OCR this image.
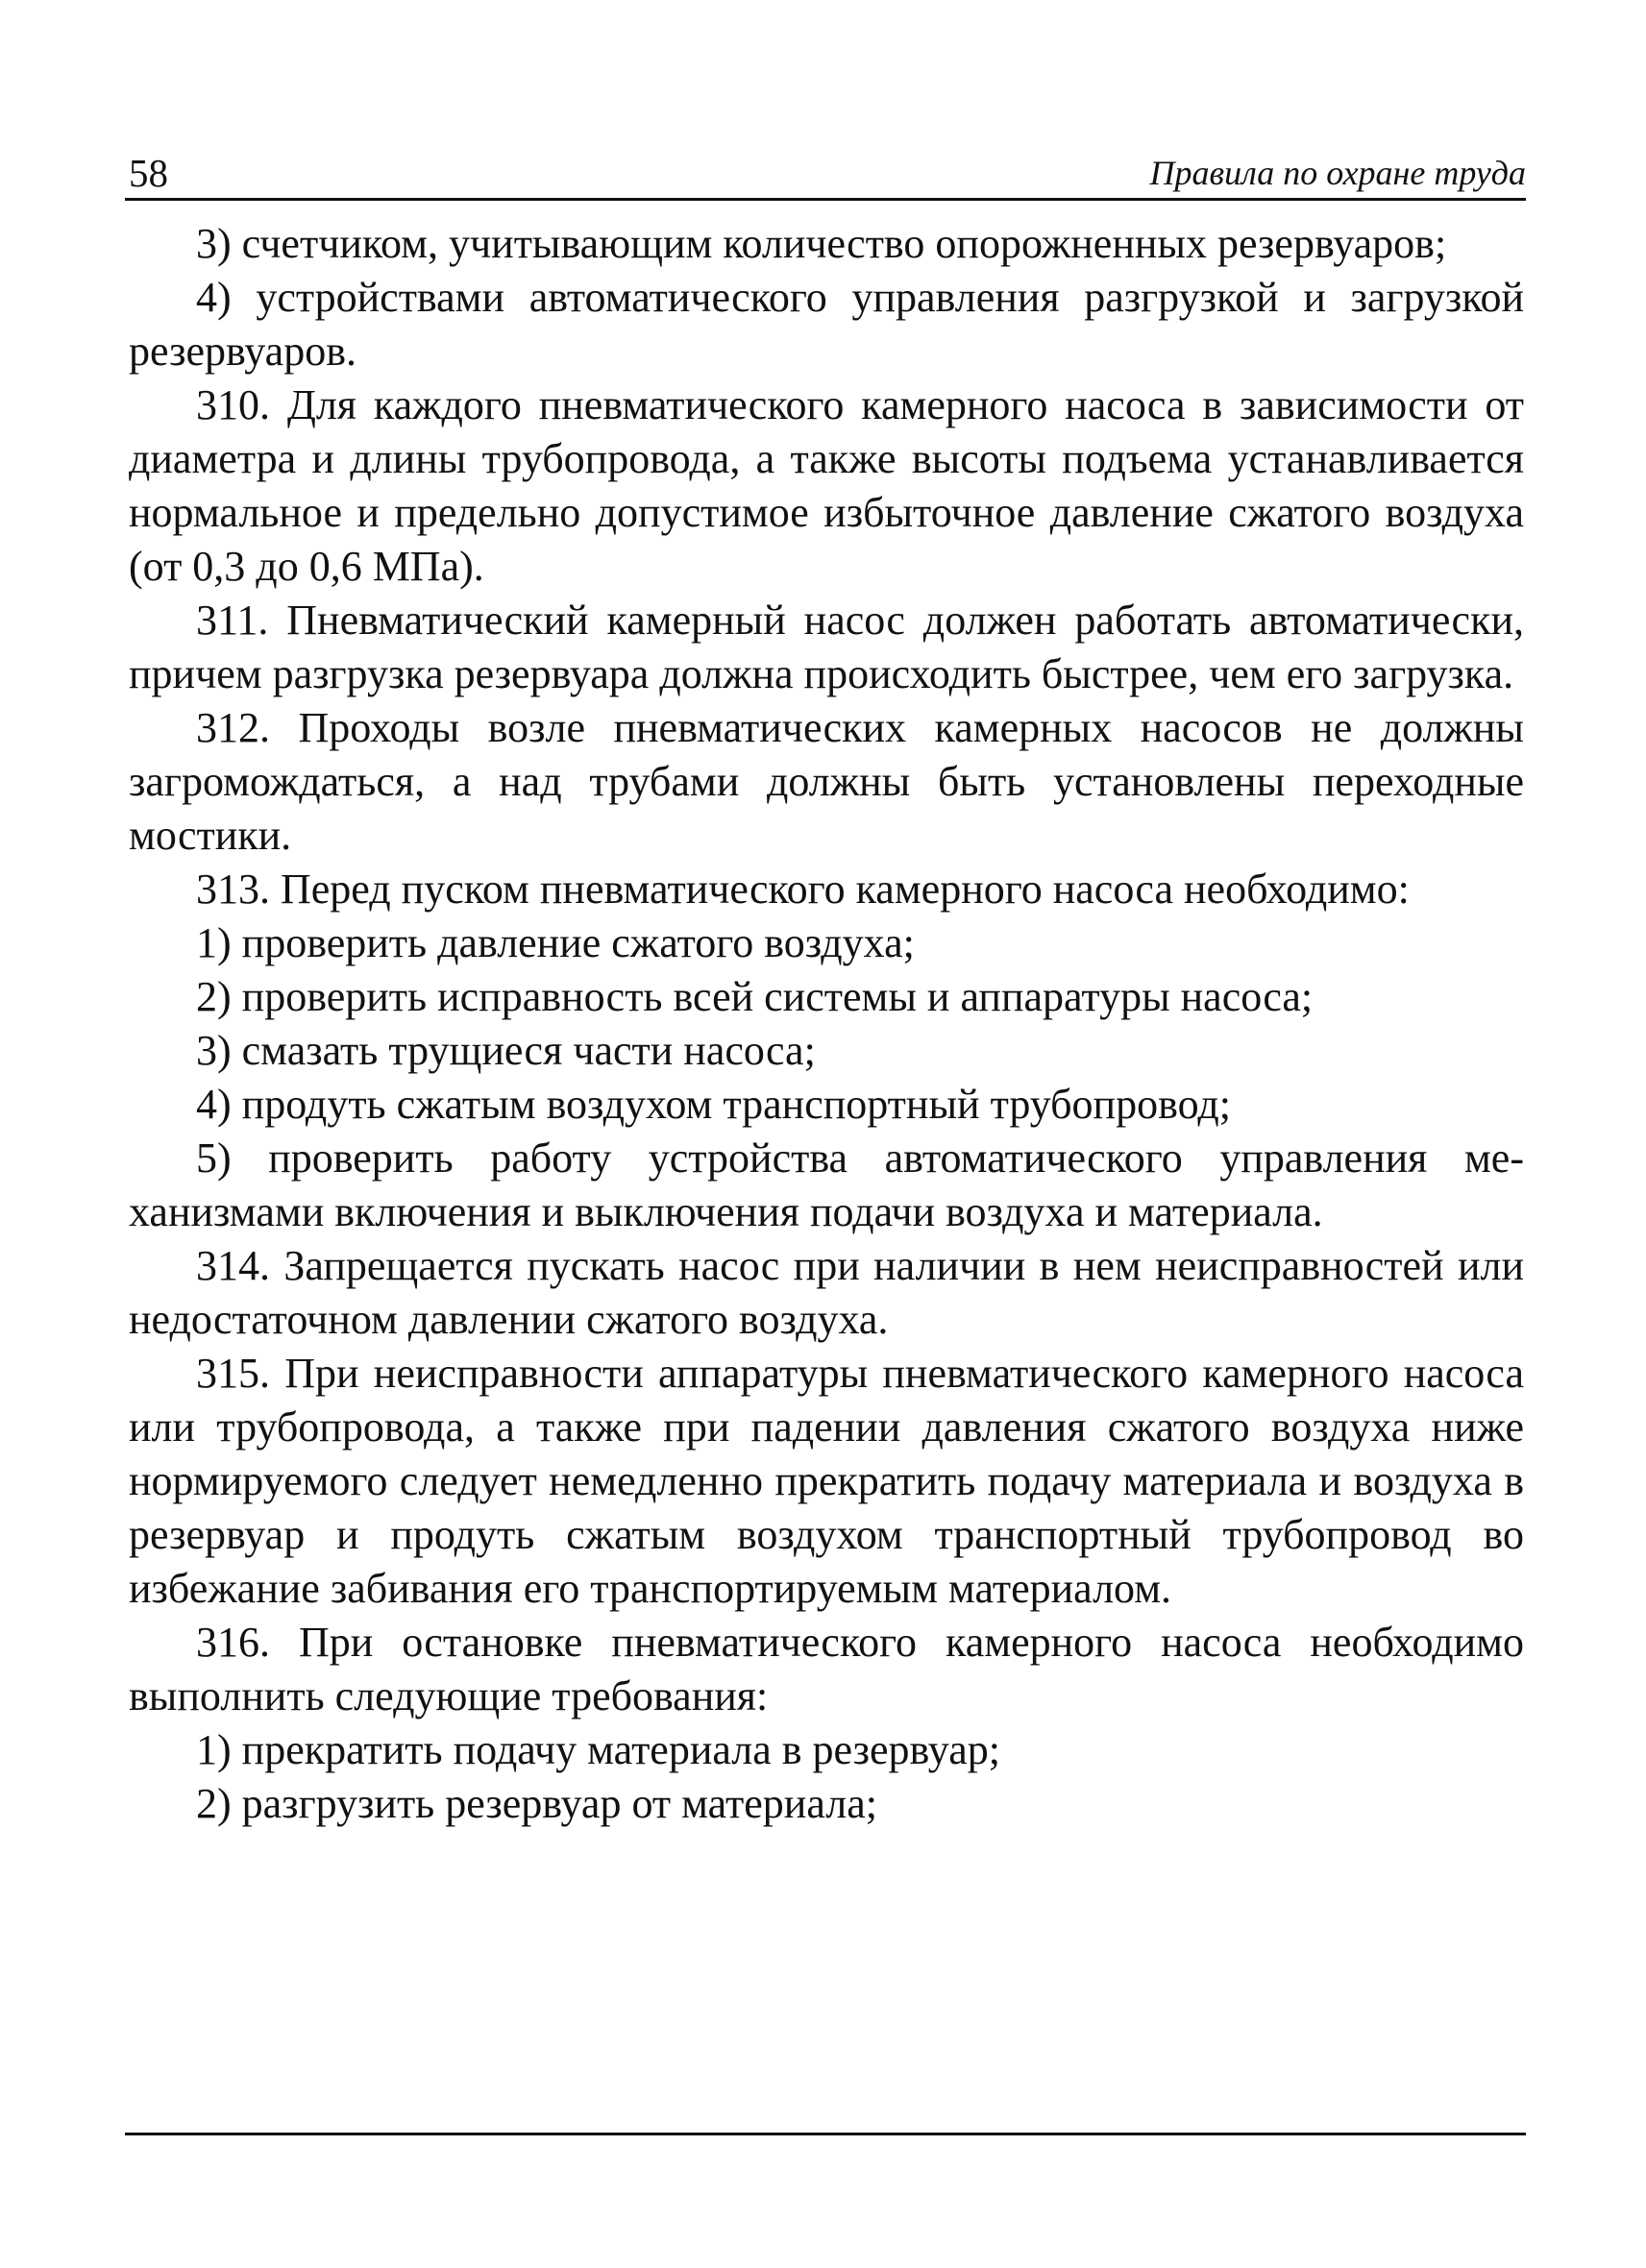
58	Правила по охране труда

3) счетчиком, учитывающим количество опорожненных резервуаров;

4) устройствами автоматического управления разгрузкой и загрузкой резервуаров.

310. Для каждого пневматического камерного насоса в зависимости от диаметра и длины трубопровода, а также высоты подъема устанавливается нормальное и предельно допустимое избыточное давление сжатого воздуха (от 0,3 до 0,6 МПа).

311. Пневматический камерный насос должен работать автоматически, причем разгрузка резервуара должна происходить быстрее, чем его загрузка.

312. Проходы возле пневматических камерных насосов не должны загромождаться, а над трубами должны быть установлены переходные мостики.

313. Перед пуском пневматического камерного насоса необходимо:

1) проверить давление сжатого воздуха;

2) проверить исправность всей системы и аппаратуры насоса;

3) смазать трущиеся части насоса;

4) продуть сжатым воздухом транспортный трубопровод;

5) проверить работу устройства автоматического управления механизмами включения и выключения подачи воздуха и материала.

314. Запрещается пускать насос при наличии в нем неисправностей или недостаточном давлении сжатого воздуха.

315. При неисправности аппаратуры пневматического камерного насоса или трубопровода, а также при падении давления сжатого воздуха ниже нормируемого следует немедленно прекратить подачу материала и воздуха в резервуар и продуть сжатым воздухом транспортный трубопровод во избежание забивания его транспортируемым материалом.

316. При остановке пневматического камерного насоса необходимо выполнить следующие требования:

1) прекратить подачу материала в резервуар;

2) разгрузить резервуар от материала;
